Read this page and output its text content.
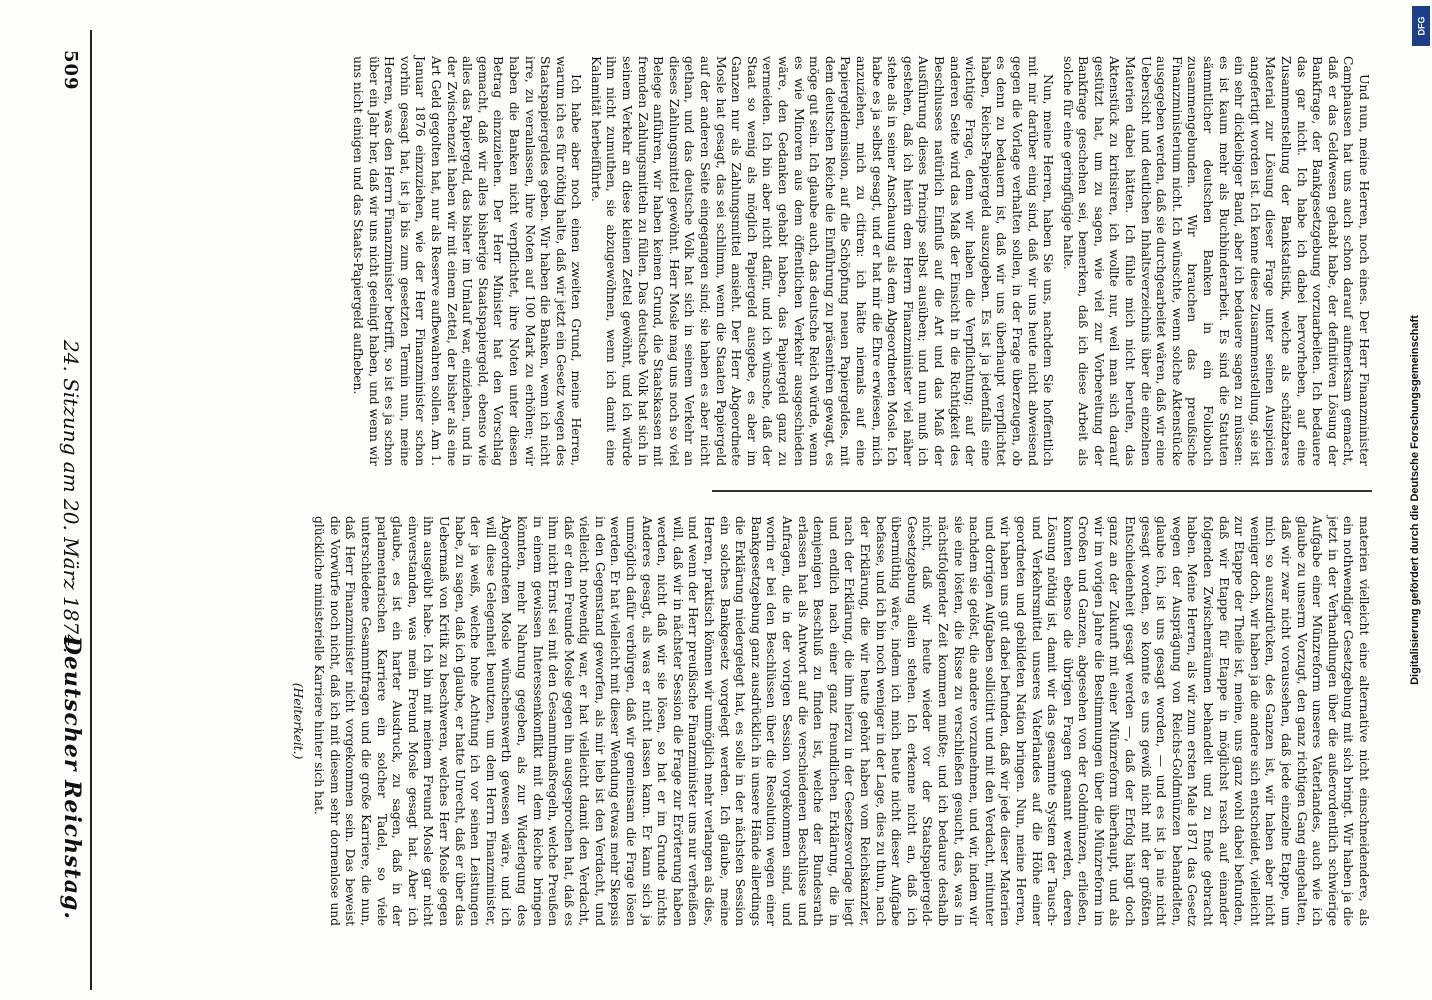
509
24. Sitzung am 20. März 1874.
Deutscher Reichstag.

Und nun, meine Herren, noch eines. Der Herr Finanzminister Camphausen hat uns auch schon darauf aufmerksam gemacht, daß er das Geldwesen gehabt habe, der definitiven Lösung der Bankfrage, der Bankgesetzgebung vorzuarbeiten. Ich bedauere das gar nicht. Ich habe ich dabei hervorheben, auf eine Zusammenstellung der Bankstatistik, welche als schätzbares Material zur Lösung dieser Frage unter seinen Auspicien angefertigt worden ist. Ich kenne diese Zusammenstellung, sie ist ein sehr dickleibiger Band, aber ich bedauere sagen zu müssen: es ist kaum mehr als Buchbinderarbeit. Es sind die Statuten sämmtlicher deutschen Banken in ein Foliobuch zusammengebunden. Wir brauchen das preußische Finanzministerium nicht. Ich wünschte, wenn solche Aktenstücke ausgegeben werden, daß sie durchgearbeitet wären, daß wir eine Uebersicht und deutlichen Inhaltsverzeichnis über die einzelnen Materien dabei hätten. Ich fühle mich nicht berufen, das Aktenstück zu kritisiren, ich wollte nur, weil man sich darauf gestützt hat, um zu sagen, wie viel zur Vorbereitung der Bankfrage geschehen sei, bemerken, daß ich diese Arbeit als solche für eine geringfügige halte.

Nun, meine Herren, haben Sie uns, nachdem Sie hoffentlich mit mir darüber einig sind, daß wir uns heute nicht abweisend gegen die Vorlage verhalten sollen, in der Frage überzeugen, ob es denn zu bedauern ist, daß wir uns überhaupt verpflichtet haben, Reichs-Papiergeld auszugeben. Es ist ja jedenfalls eine wichtige Frage, denn wir haben die Verpflichtung; auf der anderen Seite wird das Maß der Einsicht in die Richtigkeit des Beschlusses natürlich Einfluß auf die Art und das Maß der Ausführung dieses Princips selbst ausüben; und nun muß ich gestehen, daß ich hierin dem Herrn Finanzminister viel näher stehe als in seiner Anschauung als dem Abgeordneten Mosle. Ich habe es ja selbst gesagt, und er hat mir die Ehre erwiesen, mich anzuziehen, mich zu citiren: ich hätte niemals auf eine Papiergeldemission, auf die Schöpfung neuen Papiergeldes, mit dem deutschen Reiche die Einführung zu präsentiren gewagt, es möge gut sein. Ich glaube auch, das deutsche Reich würde, wenn es wie Minoren aus dem öffentlichen Verkehr ausgeschieden wäre, den Gedanken gehabt haben, das Papiergeld ganz zu vermeiden. Ich bin aber nicht dafür, und ich wünsche, daß der Staat so wenig als möglich Papiergeld ausgebe, es aber im Ganzen nur als Zahlungsmittel ansieht. Der Herr Abgeordnete Mosle hat gesagt, das sei schlimm, wenn die Staaten Papiergeld auf der anderen Seite eingegangen sind; sie haben es aber nicht gethan, und das deutsche Volk hat sich in seinem Verkehr an dieses Zahlungsmittel gewöhnt. Herr Mosle mag uns noch so viel Belege anführen, wir haben keinen Grund, die Staatskassen mit fremden Zahlungsmitteln zu füllen. Das deutsche Volk hat sich in seinem Verkehr an diese kleinen Zettel gewöhnt, und ich würde ihm nicht zumuthen, sie abzugewöhnen, wenn ich damit eine Kalamität herbeiführte.

Ich habe aber noch einen zweiten Grund, meine Herren, warum ich es für nöthig halte, daß wir jetzt ein Gesetz wegen des Staatspapiergeldes geben. Wir haben die Banken, wenn ich nicht irre, zu veranlassen, ihre Noten auf 100 Mark zu erhöhen; wir haben die Banken nicht verpflichtet, ihre Noten unter diesen Betrag einzuziehen. Der Herr Minister hat den Vorschlag gemacht, daß wir alles bisherige Staatspapiergeld, ebenso wie alles das Papiergeld, das bisher im Umlauf war, einziehen, und in der Zwischenzeit haben wir mit einem Zettel, der bisher als eine Art Geld gegolten hat, nur als Reserve aufbewahren sollen. Am 1. Januar 1876 einzuziehen, wie der Herr Finanzminister schon vorhin gesagt hat, ist ja bis zum gesetzten Termin nun, meine Herren, was den Herrn Finanzminister betrifft, so ist es ja schon über ein Jahr her, daß wir uns nicht geeinigt haben, und wenn wir uns nicht einigen und das Staats-Papiergeld aufheben.

materien vielleicht eine alternative nicht einschneidendere, als ein nothwendiger Gesetzgebung mit sich bringt. Wir haben ja die jetzt in der Verhandlungen über die außerordentlich schwierige Aufgabe einer Münzreform unseres Vaterlandes, auch wie ich glaube zu unserm Vorzugt, den ganz richtigen Gang eingehalten, daß wir zwar nicht voraussehen, daß jede einzelne Etappe, um mich so auszudrücken, des Ganzen ist, wir haben aber nicht weniger doch, wir haben ja die andere sich entscheidet, vielleicht zur Etappe der Theile ist, meine, uns ganz wohl dabei befunden, daß wir Etappe für Etappe in möglichst rasch auf einander folgenden Zwischenräumen behandelt und zu Ende gebracht haben. Meine Herren, als wir zum ersten Male 1871 das Gesetz wegen der Ausprägung von Reichs-Goldmünzen behandelten, glaube ich, ist uns gesagt worden, — und es ist ja nie nicht gesagt worden, so konnte es uns gewiß nicht mit der größten Entschiedenheit gesagt werden —, daß der Erfolg hängt doch ganz an der Zukunft mit einer Münzreform überhaupt, und als wir im vorigen Jahre die Bestimmungen über die Münzreform im Großen und Ganzen, abgesehen von der Goldmünzen, erließen, konnten ebenso die übrigen Fragen genannt werden, deren Lösung nöthig ist, damit wir das gesammte System der Tausch- und Verkehrsmittel unseres Vaterlandes auf die Höhe einer geordneten und gebildeten Nation bringen. Nun, meine Herren, wir haben uns gut dabei befunden, daß wir jede dieser Materien und dorrigen Aufgaben sollicitirt und mit den Verdacht, mitunter nachdem sie gelöst, die andere vorzunehmen, und wir, indem wir sie eine lösten, die Risse zu verschließen gesucht, das, was in nächstfolgender Zeit kommen mußte; und ich bedaure deshalb nicht, daß wir heute wieder vor der Staatspapiergeld-Gesetzgebung allein stehen. Ich erkenne nicht an, daß ich übermüthig wäre, indem ich mich heute nicht dieser Aufgabe befasse, und ich bin noch weniger in der Lage, dies zu thun, nach der Erklärung, die wir heute gehört haben vom Reichskanzler, nach der Erklärung, die ihm hierzu in der Gesetzesvorlage liegt und endlich nach einer ganz freundlichen Erklärung, die in demjenigen Beschluß zu finden ist, welche der Bundesrath erlassen hat als Antwort auf die verschiedenen Beschlüsse und Anfragen, die in der vorigen Session vorgekommen sind, und worin er bei den Beschlüssen über die Resolution wegen einer Bankgesetzgebung ganz ausdrücklich in unsere Hände allerdings die Erklärung niedergelegt hat, es solle in der nächsten Session ein solches Bankgesetz vorgelegt werden. Ich glaube, meine Herren, praktisch können wir unmöglich mehr verlangen als dies, und wenn der Herr preußische Finanzminister uns nur verheißen will, daß wir in nächster Session die Frage zur Erörterung haben werden, nicht daß wir sie lösen, so hat er im Grunde nichts Anderes gesagt, als was er nicht lassen kann. Er kann sich ja unmöglich dafür verbürgen, daß wir gemeinsam die Frage lösen werden. Er hat vielleicht mit dieser Wendung etwas mehr Skepsis in den Gegenstand geworfen, als mir lieb ist den Verdacht, und vielleicht notwendig war, er hat vielleicht damit den Verdacht, daß er dem Freunde Mosle gegen ihn ausgesprochen hat, daß es ihm nicht Ernst sei mit den Gesammtmaßregeln, welche Preußen in einem gewissen Interessenkonflikt mit dem Reiche bringen könnten, mehr Nahrung gegeben, als zur Widerlegung des Abgeordneten Mosle wünschenswerth gewesen wäre, und ich will diese Gelegenheit benutzen, um dem Herrn Finanzminister, der ja weiß, welche hohe Achtung ich vor seinen Leistungen habe, zu sagen, daß ich glaube, er hatte Unrecht, daß er über das Uebermaß von Kritik zu beschweren, welches Herr Mosle gegen ihn ausgeübt habe. Ich bin mit meinem Freund Mosle gar nicht einverstanden, was mein Freund Mosle gesagt hat. Aber ich glaube, es ist ein harter Ausdruck, zu sagen, daß in der parlamentarischen Karriere ein solcher Tadel, so viele unterschiedene Gesammtfragen und die große Karriere, die nun, daß Herr Finanzminister nicht vorgekommen sein. Das beweist die Vorwürfe noch nicht, daß ich mit diesem sehr dornenlose und glückliche ministerielle Karriere hinter sich hat.

(Heiterkeit.)
Digitalisierung gefördert durch die Deutsche Forschungsgemeinschaft
DFG
